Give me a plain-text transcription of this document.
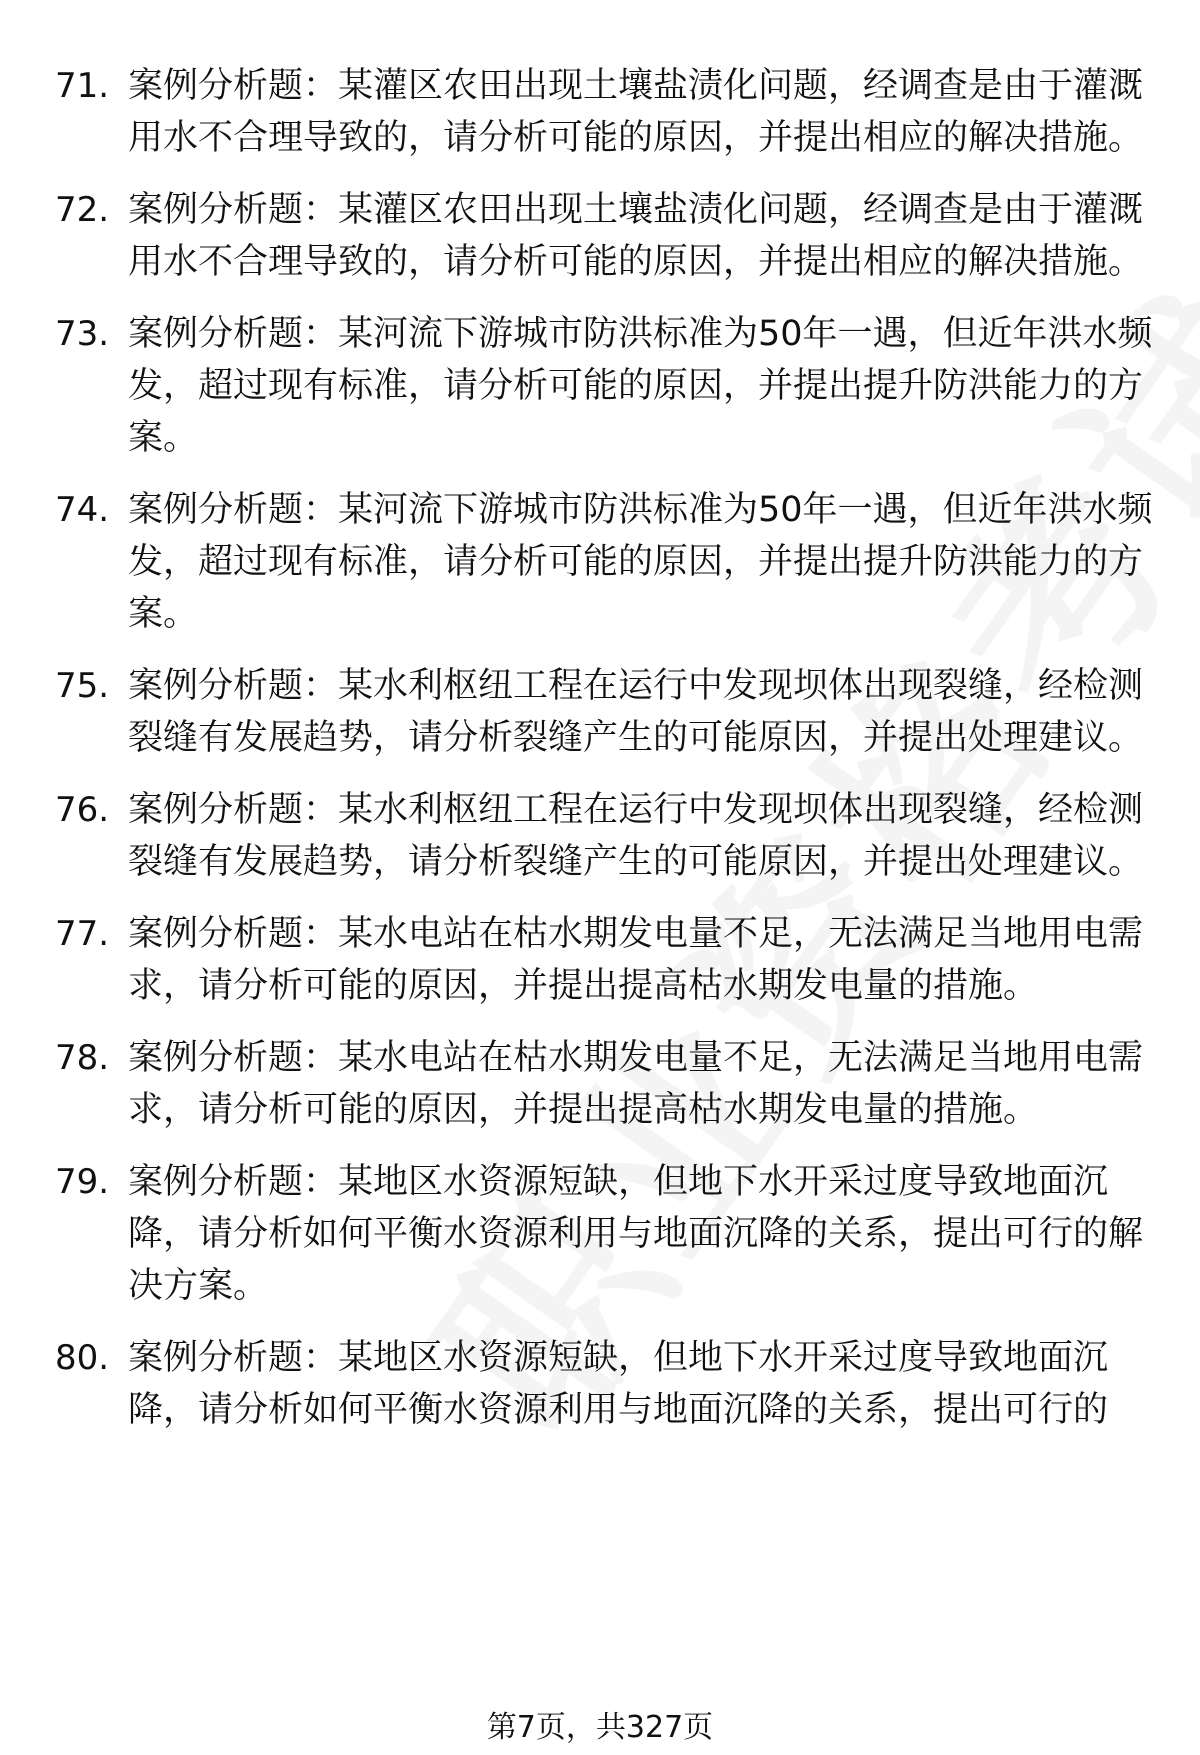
71. 案例分析题：某灌区农田出现土壤盐渍化问题，经调查是由于灌溉用水不合理导致的，请分析可能的原因，并提出相应的解决措施。
72. 案例分析题：某灌区农田出现土壤盐渍化问题，经调查是由于灌溉用水不合理导致的，请分析可能的原因，并提出相应的解决措施。
73. 案例分析题：某河流下游城市防洪标准为50年一遇，但近年洪水频发，超过现有标准，请分析可能的原因，并提出提升防洪能力的方案。
74. 案例分析题：某河流下游城市防洪标准为50年一遇，但近年洪水频发，超过现有标准，请分析可能的原因，并提出提升防洪能力的方案。
75. 案例分析题：某水利枢纽工程在运行中发现坝体出现裂缝，经检测裂缝有发展趋势，请分析裂缝产生的可能原因，并提出处理建议。
76. 案例分析题：某水利枢纽工程在运行中发现坝体出现裂缝，经检测裂缝有发展趋势，请分析裂缝产生的可能原因，并提出处理建议。
77. 案例分析题：某水电站在枯水期发电量不足，无法满足当地用电需求，请分析可能的原因，并提出提高枯水期发电量的措施。
78. 案例分析题：某水电站在枯水期发电量不足，无法满足当地用电需求，请分析可能的原因，并提出提高枯水期发电量的措施。
79. 案例分析题：某地区水资源短缺，但地下水开采过度导致地面沉降，请分析如何平衡水资源利用与地面沉降的关系，提出可行的解决方案。
80. 案例分析题：某地区水资源短缺，但地下水开采过度导致地面沉降，请分析如何平衡水资源利用与地面沉降的关系，提出可行的
第7页，共327页
